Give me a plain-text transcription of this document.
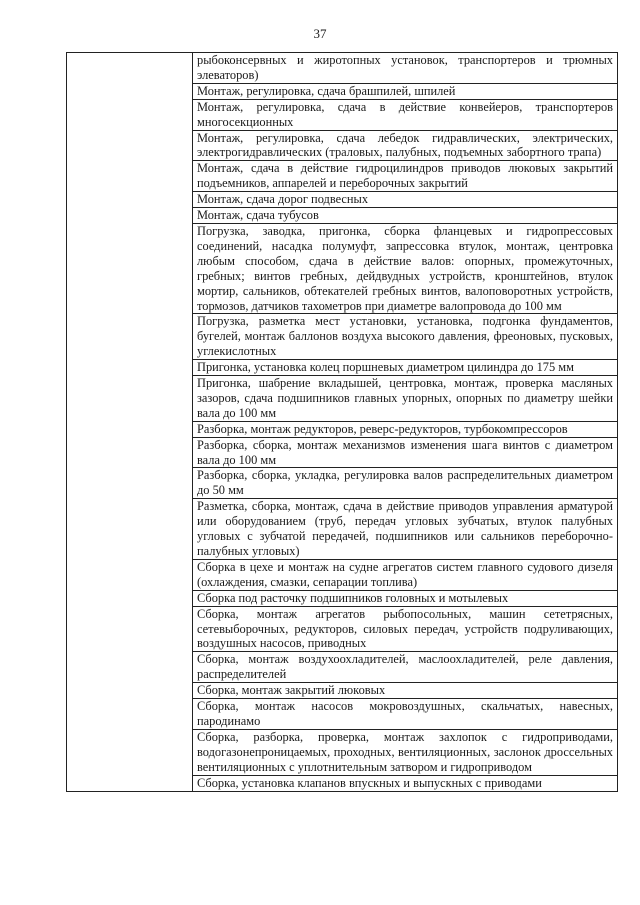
37
	рыбоконсервных и жиротопных установок, транспортеров и трюмных элеваторов)
Монтаж, регулировка, сдача брашпилей, шпилей
Монтаж, регулировка, сдача в действие конвейеров, транспортеров многосекционных
Монтаж, регулировка, сдача лебедок гидравлических, электрических, электрогидравлических (траловых, палубных, подъемных забортного трапа)
Монтаж, сдача в действие гидроцилиндров приводов люковых закрытий подъемников, аппарелей и переборочных закрытий
Монтаж, сдача дорог подвесных
Монтаж, сдача тубусов
Погрузка, заводка, пригонка, сборка фланцевых и гидропрессовых соединений, насадка полумуфт, запрессовка втулок, монтаж, центровка любым способом, сдача в действие валов: опорных, промежуточных, гребных; винтов гребных, дейдвудных устройств, кронштейнов, втулок мортир, сальников, обтекателей гребных винтов, валоповоротных устройств, тормозов, датчиков тахометров при диаметре валопровода до 100 мм
Погрузка, разметка мест установки, установка, подгонка фундаментов, бугелей, монтаж баллонов воздуха высокого давления, фреоновых, пусковых, углекислотных
Пригонка, установка колец поршневых диаметром цилиндра до 175 мм
Пригонка, шабрение вкладышей, центровка, монтаж, проверка масляных зазоров, сдача подшипников главных упорных, опорных по диаметру шейки вала до 100 мм
Разборка, монтаж редукторов, реверс-редукторов, турбокомпрессоров
Разборка, сборка, монтаж механизмов изменения шага винтов с диаметром вала до 100 мм
Разборка, сборка, укладка, регулировка валов распределительных диаметром до 50 мм
Разметка, сборка, монтаж, сдача в действие приводов управления арматурой или оборудованием (труб, передач угловых зубчатых, втулок палубных угловых с зубчатой передачей, подшипников или сальников переборочно-палубных угловых)
Сборка в цехе и монтаж на судне агрегатов систем главного судового дизеля (охлаждения, смазки, сепарации топлива)
Сборка под расточку подшипников головных и мотылевых
Сборка, монтаж агрегатов рыбопосольных, машин сететрясных, сетевыборочных, редукторов, силовых передач, устройств подруливающих, воздушных насосов, приводных
Сборка, монтаж воздухоохладителей, маслоохладителей, реле давления, распределителей
Сборка, монтаж закрытий люковых
Сборка, монтаж насосов мокровоздушных, скальчатых, навесных, пародинамо
Сборка, разборка, проверка, монтаж захлопок с гидроприводами, водогазонепроницаемых, проходных, вентиляционных, заслонок дроссельных вентиляционных с уплотнительным затвором и гидроприводом
Сборка, установка клапанов впускных и выпускных с приводами
